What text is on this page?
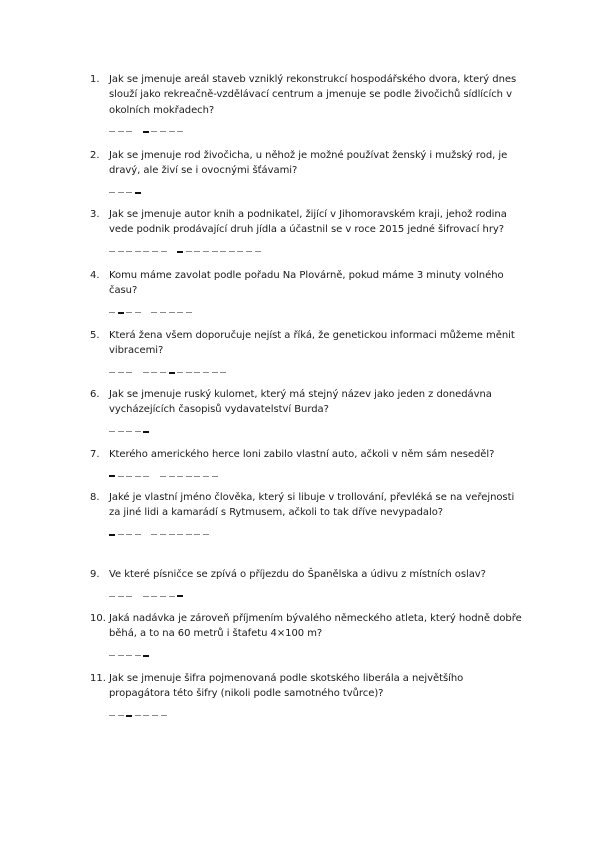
1. Jak se jmenuje areál staveb vzniklý rekonstrukcí hospodářského dvora, který dnes
slouží jako rekreačně-vzdělávací centrum a jmenuje se podle živočichů sídlících v
okolních mokřadech?
2. Jak se jmenuje rod živočicha, u něhož je možné používat ženský i mužský rod, je
dravý, ale živí se i ovocnými šťávami?
3. Jak se jmenuje autor knih a podnikatel, žijící v Jihomoravském kraji, jehož rodina
vede podnik prodávající druh jídla a účastnil se v roce 2015 jedné šifrovací hry?
4. Komu máme zavolat podle pořadu Na Plovárně, pokud máme 3 minuty volného
času?
5. Která žena všem doporučuje nejíst a říká, že genetickou informaci můžeme měnit
vibracemi?
6. Jak se jmenuje ruský kulomet, který má stejný název jako jeden z donedávna
vycházejících časopisů vydavatelství Burda?
7. Kterého amerického herce loni zabilo vlastní auto, ačkoli v něm sám neseděl?
8. Jaké je vlastní jméno člověka, který si libuje v trollování, převléká se na veřejnosti
za jiné lidi a kamarádí s Rytmusem, ačkoli to tak dříve nevypadalo?
9. Ve které písničce se zpívá o příjezdu do Španělska a údivu z místních oslav?
10. Jaká nadávka je zároveň příjmením bývalého německého atleta, který hodně dobře
běhá, a to na 60 metrů i štafetu 4×100 m?
11. Jak se jmenuje šifra pojmenovaná podle skotského liberála a největšího
propagátora této šifry (nikoli podle samotného tvůrce)?
